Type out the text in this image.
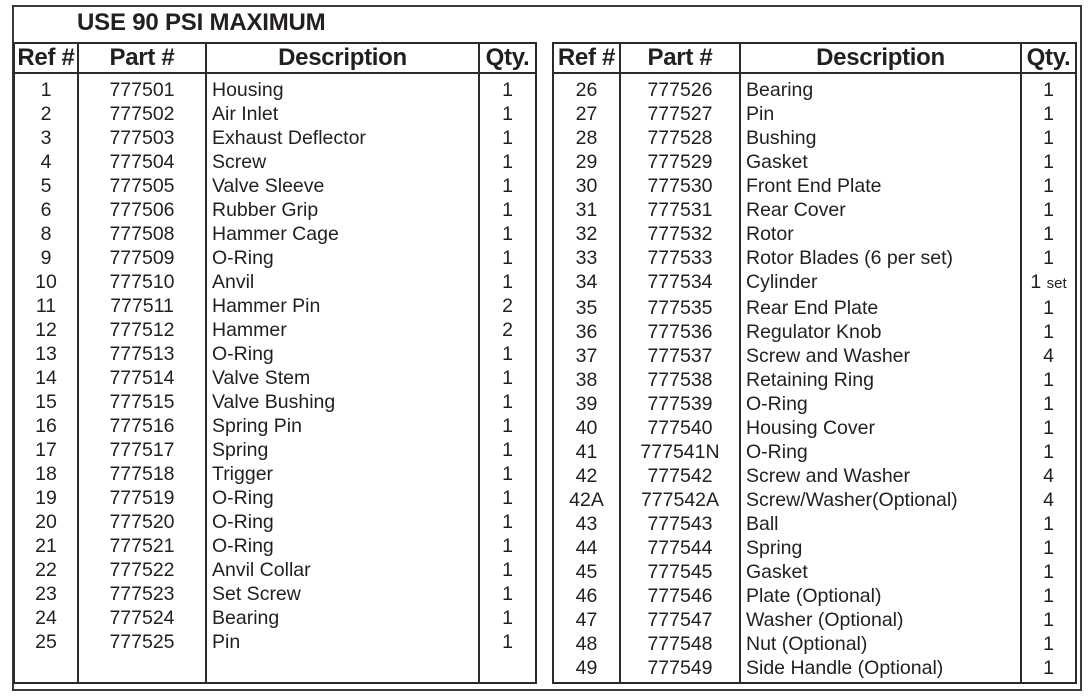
USE 90 PSI MAXIMUM
Ref #	Part #	Description	Qty.
1	777501	Housing	1
2	777502	Air Inlet	1
3	777503	Exhaust Deflector	1
4	777504	Screw	1
5	777505	Valve Sleeve	1
6	777506	Rubber Grip	1
8	777508	Hammer Cage	1
9	777509	O-Ring	1
10	777510	Anvil	1
11	777511	Hammer Pin	2
12	777512	Hammer	2
13	777513	O-Ring	1
14	777514	Valve Stem	1
15	777515	Valve Bushing	1
16	777516	Spring Pin	1
17	777517	Spring	1
18	777518	Trigger	1
19	777519	O-Ring	1
20	777520	O-Ring	1
21	777521	O-Ring	1
22	777522	Anvil Collar	1
23	777523	Set Screw	1
24	777524	Bearing	1
25	777525	Pin	1

Ref #	Part #	Description	Qty.
26	777526	Bearing	1
27	777527	Pin	1
28	777528	Bushing	1
29	777529	Gasket	1
30	777530	Front End Plate	1
31	777531	Rear Cover	1
32	777532	Rotor	1
33	777533	Rotor Blades (6 per set)	1
34	777534	Cylinder	1 set
35	777535	Rear End Plate	1
36	777536	Regulator Knob	1
37	777537	Screw and Washer	4
38	777538	Retaining Ring	1
39	777539	O-Ring	1
40	777540	Housing Cover	1
41	777541N	O-Ring	1
42	777542	Screw and Washer	4
42A	777542A	Screw/Washer(Optional)	4
43	777543	Ball	1
44	777544	Spring	1
45	777545	Gasket	1
46	777546	Plate (Optional)	1
47	777547	Washer (Optional)	1
48	777548	Nut (Optional)	1
49	777549	Side Handle (Optional)	1
